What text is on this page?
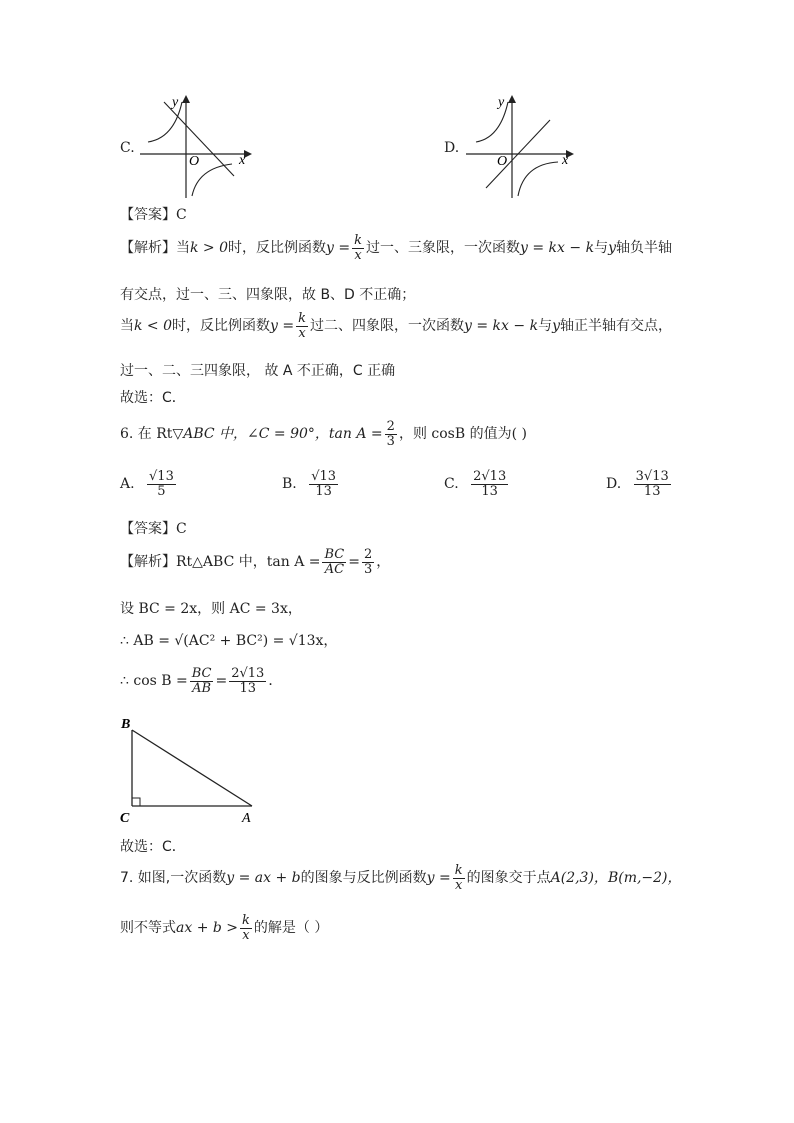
C.
y
x
O
D.
y
x
O
【答案】C
【解析】当k > 0时，反比例函数$y = \frac{k}{x}$ 过一、三象限，一次函数y = kx − k与y轴负半轴
有交点，过一、三、四象限，故 B、D 不正确；
当k < 0时，反比例函数$y = \frac{k}{x}$ 过二、四象限，一次函数y = kx − k与y轴正半轴有交点，
过一、二、三四象限， 故 A 不正确，C 正确
故选：C．
6. 在 Rt▽ABC 中，∠C = 90°，$\tan A = \frac{2}{3}$ ，则 cosB 的值为( )
A. $\frac{√13}{5}$	B. $\frac{√13}{13}$	C. $\frac{2√13}{13}$	D. $\frac{3√13}{13}$
【答案】C
【解析】Rt△ABC 中，$\tan A = \frac{BC}{AC} = \frac{2}{3}$ ，
设 BC = 2x，则 AC = 3x，
∴ AB = √(AC² + BC²) = √13x，
∴ $\cos B = \frac{BC}{AB} = \frac{2√13}{13}$ ．
B
C	A
故选：C．
7. 如图,一次函数y = ax + b的图象与反比例函数$y = \frac{k}{x}$ 的图象交于点A(2,3)，B(m,−2)，
则不等式ax + $b > \frac{k}{x}$ 的解是（ ）
